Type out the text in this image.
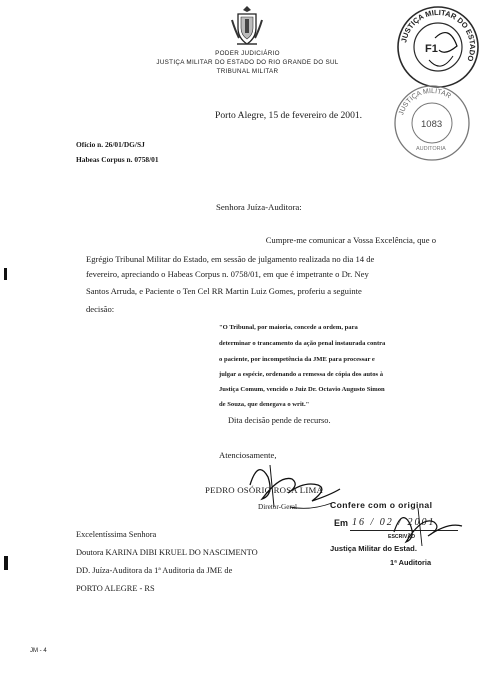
PODER JUDICIÁRIO
JUSTIÇA MILITAR DO ESTADO DO RIO GRANDE DO SUL
TRIBUNAL MILITAR
JUSTIÇA MILITAR DO ESTADO
F1
JUSTIÇA MILITAR
1083
AUDITORIA
Porto Alegre, 15 de fevereiro de 2001.
Ofício n. 26/01/DG/SJ
Habeas Corpus n. 0758/01
Senhora Juíza-Auditora:
Cumpre-me comunicar a Vossa Excelência, que o
Egrégio Tribunal Militar do Estado, em sessão de julgamento realizada no dia 14 de
fevereiro, apreciando o Habeas Corpus n. 0758/01, em que é impetrante o Dr. Ney
Santos Arruda, e Paciente o Ten Cel RR Martin Luiz Gomes, proferiu a seguinte
decisão:
"O Tribunal, por maioria, concede a ordem, para
determinar o trancamento da ação penal instaurada contra
o paciente, por incompetência da JME para processar e
julgar a espécie, ordenando a remessa de cópia dos autos à
Justiça Comum, vencido o Juiz Dr. Octavio Augusto Simon
de Souza, que denegava o writ."
Dita decisão pende de recurso.
Atenciosamente,
PEDRO OSÓRIO ROSA LIMA
Diretor-Geral
Excelentíssima Senhora
Doutora KARINA DIBI KRUEL DO NASCIMENTO
DD. Juíza-Auditora da 1ª Auditoria da JME de
PORTO ALEGRE - RS
Confere com o original
Em 16 / 02 / 2001
ESCRIVÃO
Justiça Militar do Estad.
1ª Auditoria
JM - 4
